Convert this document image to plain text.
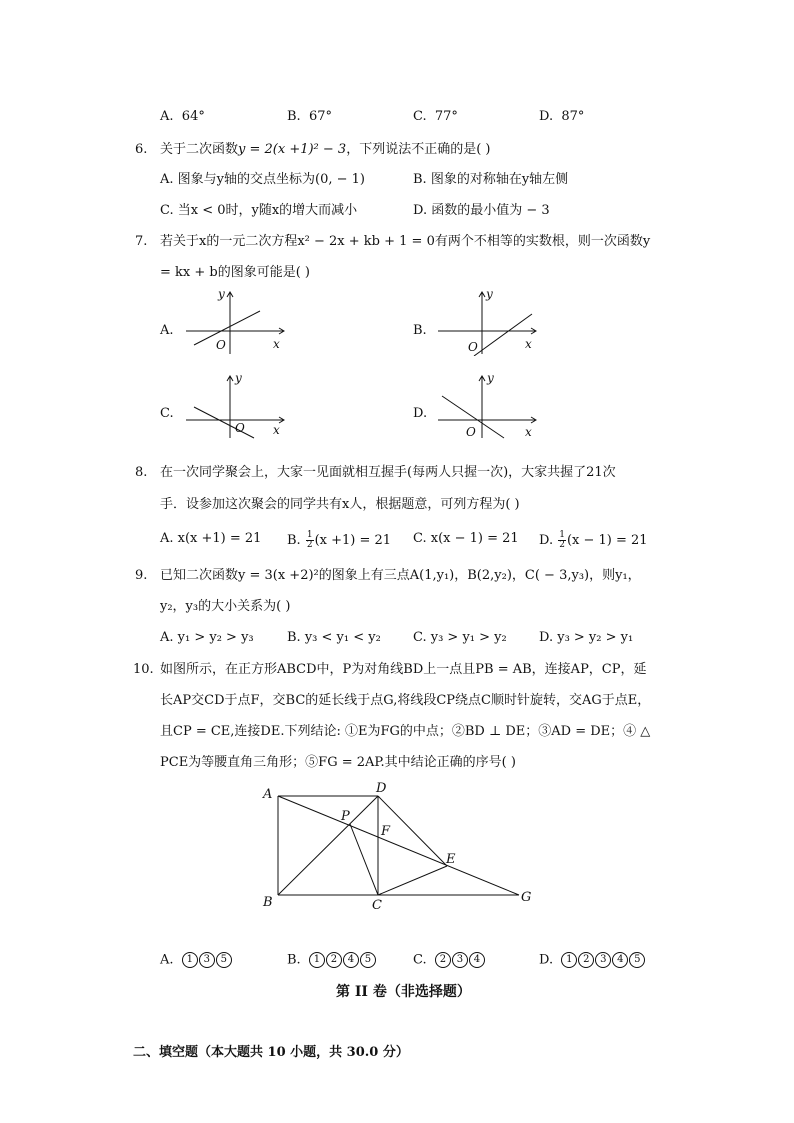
A. 64°	B. 67°	C. 77°	D. 87°
6. 关于二次函数y = 2(x +1)² − 3，下列说法不正确的是( )
A. 图象与y轴的交点坐标为(0, − 1)	B. 图象的对称轴在y轴左侧
C. 当x < 0时，y随x的增大而减小	D. 函数的最小值为 − 3
7. 若关于x的一元二次方程x² − 2x + kb + 1 = 0有两个不相等的实数根，则一次函数y
= kx + b的图象可能是( )
A.
y
x
O
B.
y
x
O
C.
y
x
O
D.
y
x
O
8. 在一次同学聚会上，大家一见面就相互握手(每两人只握一次)，大家共握了21次
手．设参加这次聚会的同学共有x人，根据题意，可列方程为( )
A. x(x +1) = 21 B. $\frac{1}{2} (x +1) = 21$ C. x(x − 1) = 21 D. $\frac{1}{2} (x - 1) = 21$
9. 已知二次函数y = 3(x +2)²的图象上有三点A(1,y₁)，B(2,y₂)，C( − 3,y₃)，则y₁，
y₂，y₃的大小关系为( )
A. y₁ > y₂ > y₃	B. y₃ < y₁ < y₂ C. y₃ > y₁ > y₂ D. y₃ > y₂ > y₁
10. 如图所示，在正方形ABCD中，P为对角线BD上一点且PB = AB，连接AP，CP，延
长AP交CD于点F，交BC的延长线于点G,将线段CP绕点C顺时针旋转，交AG于点E，
且CP = CE,连接DE.下列结论: ①E为FG的中点；②BD ⊥ DE；③AD = DE；④ △
PCE为等腰直角三角形；⑤FG = 2AP.其中结论正确的序号( )
A	D
B	C
G
P
F
E
A. 1 3 5	B. 1 2 4 5	C. 2 3 4	D. 1 2 3 4 5
第 II 卷（非选择题）
二、填空题（本大题共 10 小题，共 30.0 分）
